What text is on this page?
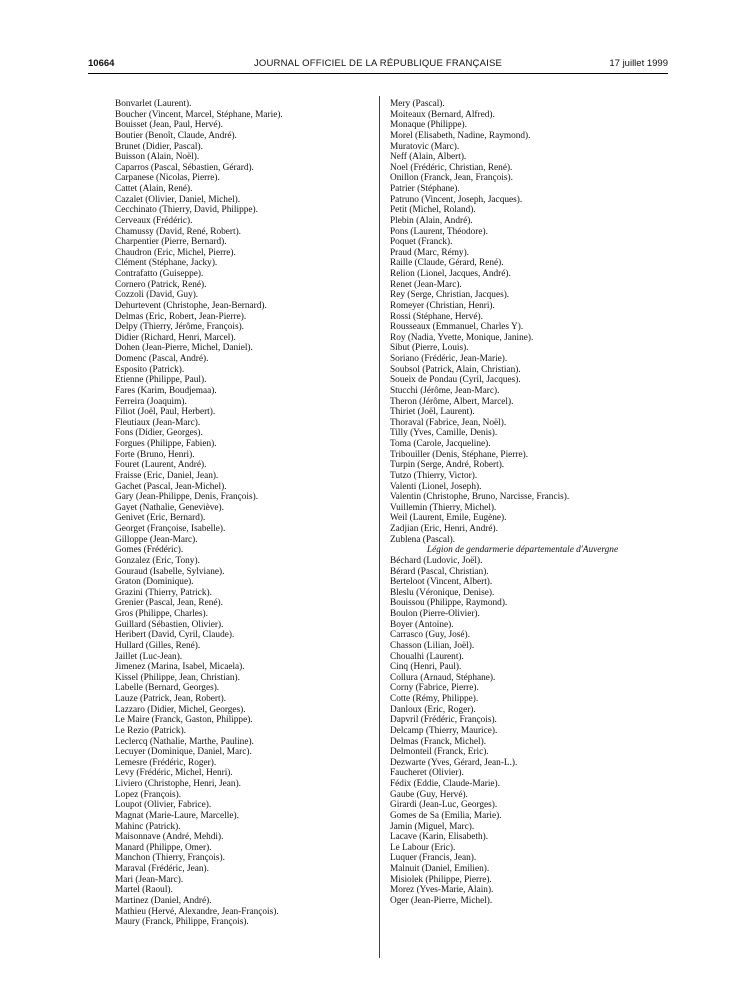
10664	JOURNAL OFFICIEL DE LA RÉPUBLIQUE FRANÇAISE	17 juillet 1999
Bonvarlet (Laurent).
Boucher (Vincent, Marcel, Stéphane, Marie).
Bouisset (Jean, Paul, Hervé).
Boutier (Benoît, Claude, André).
Brunet (Didier, Pascal).
Buisson (Alain, Noël).
Caparros (Pascal, Sébastien, Gérard).
Carpanese (Nicolas, Pierre).
Cattet (Alain, René).
Cazalet (Olivier, Daniel, Michel).
Cecchinato (Thierry, David, Philippe).
Cerveaux (Frédéric).
Chamussy (David, René, Robert).
Charpentier (Pierre, Bernard).
Chaudron (Eric, Michel, Pierre).
Clément (Stéphane, Jacky).
Contrafatto (Guiseppe).
Cornero (Patrick, René).
Cozzoli (David, Guy).
Dehurtevent (Christophe, Jean-Bernard).
Delmas (Eric, Robert, Jean-Pierre).
Delpy (Thierry, Jérôme, François).
Didier (Richard, Henri, Marcel).
Dohen (Jean-Pierre, Michel, Daniel).
Domenc (Pascal, André).
Esposito (Patrick).
Etienne (Philippe, Paul).
Fares (Karim, Boudjemaa).
Ferreira (Joaquim).
Filiot (Joël, Paul, Herbert).
Fleutiaux (Jean-Marc).
Fons (Didier, Georges).
Forgues (Philippe, Fabien).
Forte (Bruno, Henri).
Fouret (Laurent, André).
Fraisse (Eric, Daniel, Jean).
Gachet (Pascal, Jean-Michel).
Gary (Jean-Philippe, Denis, François).
Gayet (Nathalie, Geneviève).
Genivet (Eric, Bernard).
Georget (Françoise, Isabelle).
Gilloppe (Jean-Marc).
Gomes (Frédéric).
Gonzalez (Eric, Tony).
Gouraud (Isabelle, Sylviane).
Graton (Dominique).
Grazini (Thierry, Patrick).
Grenier (Pascal, Jean, René).
Gros (Philippe, Charles).
Guillard (Sébastien, Olivier).
Heribert (David, Cyril, Claude).
Hullard (Gilles, René).
Jaillet (Luc-Jean).
Jimenez (Marina, Isabel, Micaela).
Kissel (Philippe, Jean, Christian).
Labelle (Bernard, Georges).
Lauze (Patrick, Jean, Robert).
Lazzaro (Didier, Michel, Georges).
Le Maire (Franck, Gaston, Philippe).
Le Rezio (Patrick).
Leclercq (Nathalie, Marthe, Pauline).
Lecuyer (Dominique, Daniel, Marc).
Lemesre (Frédéric, Roger).
Levy (Frédéric, Michel, Henri).
Liviero (Christophe, Henri, Jean).
Lopez (François).
Loupot (Olivier, Fabrice).
Magnat (Marie-Laure, Marcelle).
Mahinc (Patrick).
Maisonnave (André, Mehdi).
Manard (Philippe, Omer).
Manchon (Thierry, François).
Maraval (Frédéric, Jean).
Mari (Jean-Marc).
Martel (Raoul).
Martinez (Daniel, André).
Mathieu (Hervé, Alexandre, Jean-François).
Maury (Franck, Philippe, François).
Mery (Pascal).
Moiteaux (Bernard, Alfred).
Monaque (Philippe).
Morel (Elisabeth, Nadine, Raymond).
Muratovic (Marc).
Neff (Alain, Albert).
Noel (Frédéric, Christian, René).
Onillon (Franck, Jean, François).
Patrier (Stéphane).
Patruno (Vincent, Joseph, Jacques).
Petit (Michel, Roland).
Plebin (Alain, André).
Pons (Laurent, Théodore).
Poquet (Franck).
Praud (Marc, Rémy).
Raille (Claude, Gérard, René).
Relion (Lionel, Jacques, André).
Renet (Jean-Marc).
Rey (Serge, Christian, Jacques).
Romeyer (Christian, Henri).
Rossi (Stéphane, Hervé).
Rousseaux (Emmanuel, Charles Y).
Roy (Nadia, Yvette, Monique, Janine).
Sibut (Pierre, Louis).
Soriano (Frédéric, Jean-Marie).
Soubsol (Patrick, Alain, Christian).
Soueix de Pondau (Cyril, Jacques).
Stucchi (Jérôme, Jean-Marc).
Theron (Jérôme, Albert, Marcel).
Thiriet (Joël, Laurent).
Thoraval (Fabrice, Jean, Noël).
Tilly (Yves, Camille, Denis).
Toma (Carole, Jacqueline).
Tribouiller (Denis, Stéphane, Pierre).
Turpin (Serge, André, Robert).
Tutzo (Thierry, Victor).
Valenti (Lionel, Joseph).
Valentin (Christophe, Bruno, Narcisse, Francis).
Vuillemin (Thierry, Michel).
Weil (Laurent, Emile, Eugène).
Zadjian (Eric, Henri, André).
Zublena (Pascal).
Légion de gendarmerie départementale d'Auvergne
Béchard (Ludovic, Joël).
Bérard (Pascal, Christian).
Berteloot (Vincent, Albert).
Bleslu (Véronique, Denise).
Bouissou (Philippe, Raymond).
Boulon (Pierre-Olivier).
Boyer (Antoine).
Carrasco (Guy, José).
Chasson (Lilian, Joël).
Choualhi (Laurent).
Cinq (Henri, Paul).
Collura (Arnaud, Stéphane).
Corny (Fabrice, Pierre).
Cotte (Rémy, Philippe).
Danloux (Eric, Roger).
Dapvril (Frédéric, François).
Delcamp (Thierry, Maurice).
Delmas (Franck, Michel).
Delmonteil (Franck, Eric).
Dezwarte (Yves, Gérard, Jean-L.).
Faucheret (Olivier).
Fédix (Eddie, Claude-Marie).
Gaube (Guy, Hervé).
Girardi (Jean-Luc, Georges).
Gomes de Sa (Emilia, Marie).
Jamin (Miguel, Marc).
Lacave (Karin, Elisabeth).
Le Labour (Eric).
Luquer (Francis, Jean).
Malnuit (Daniel, Emilien).
Misiolek (Philippe, Pierre).
Morez (Yves-Marie, Alain).
Oger (Jean-Pierre, Michel).
